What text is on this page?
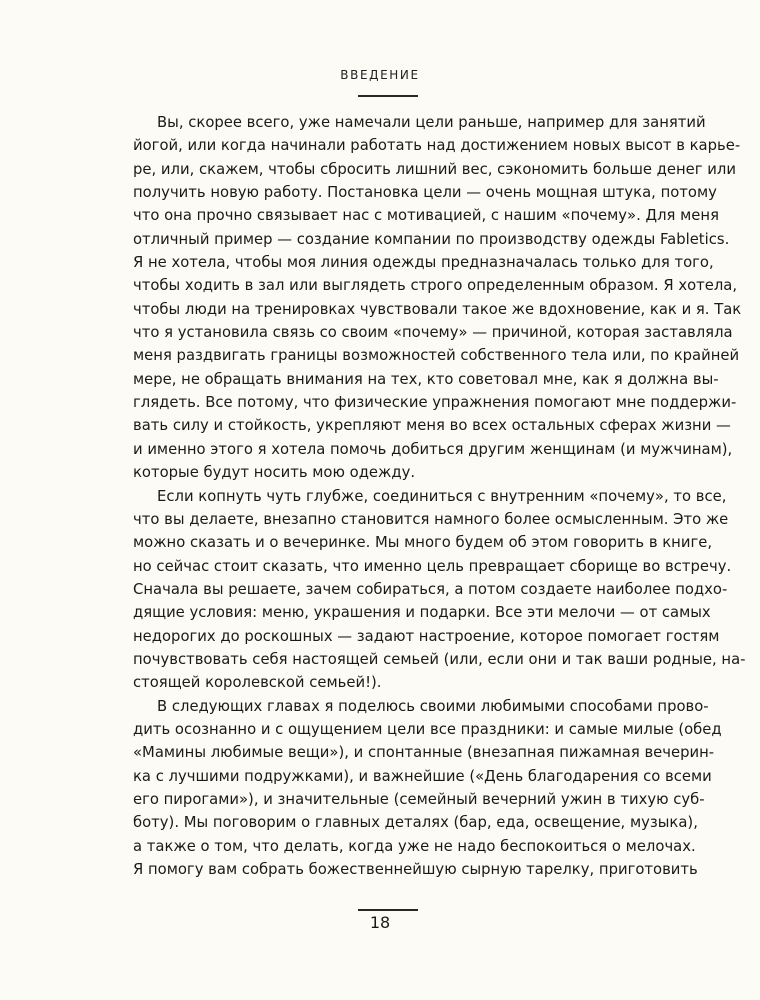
ВВЕДЕНИЕ
Вы, скорее всего, уже намечали цели раньше, например для занятий
йогой, или когда начинали работать над достижением новых высот в карье-
ре, или, скажем, чтобы сбросить лишний вес, сэкономить больше денег или
получить новую работу. Постановка цели — очень мощная штука, потому
что она прочно связывает нас с мотивацией, с нашим «почему». Для меня
отличный пример — создание компании по производству одежды Fabletics.
Я не хотела, чтобы моя линия одежды предназначалась только для того,
чтобы ходить в зал или выглядеть строго определенным образом. Я хотела,
чтобы люди на тренировках чувствовали такое же вдохновение, как и я. Так
что я установила связь со своим «почему» — причиной, которая заставляла
меня раздвигать границы возможностей собственного тела или, по крайней
мере, не обращать внимания на тех, кто советовал мне, как я должна вы-
глядеть. Все потому, что физические упражнения помогают мне поддержи-
вать силу и стойкость, укрепляют меня во всех остальных сферах жизни —
и именно этого я хотела помочь добиться другим женщинам (и мужчинам),
которые будут носить мою одежду.
Если копнуть чуть глубже, соединиться с внутренним «почему», то все,
что вы делаете, внезапно становится намного более осмысленным. Это же
можно сказать и о вечеринке. Мы много будем об этом говорить в книге,
но сейчас стоит сказать, что именно цель превращает сборище во встречу.
Сначала вы решаете, зачем собираться, а потом создаете наиболее подхо-
дящие условия: меню, украшения и подарки. Все эти мелочи — от самых
недорогих до роскошных — задают настроение, которое помогает гостям
почувствовать себя настоящей семьей (или, если они и так ваши родные, на-
стоящей королевской семьей!).
В следующих главах я поделюсь своими любимыми способами прово-
дить осознанно и с ощущением цели все праздники: и самые милые (обед
«Мамины любимые вещи»), и спонтанные (внезапная пижамная вечерин-
ка с лучшими подружками), и важнейшие («День благодарения со всеми
его пирогами»), и значительные (семейный вечерний ужин в тихую суб-
боту). Мы поговорим о главных деталях (бар, еда, освещение, музыка),
а также о том, что делать, когда уже не надо беспокоиться о мелочах.
Я помогу вам собрать божественнейшую сырную тарелку, приготовить
18
